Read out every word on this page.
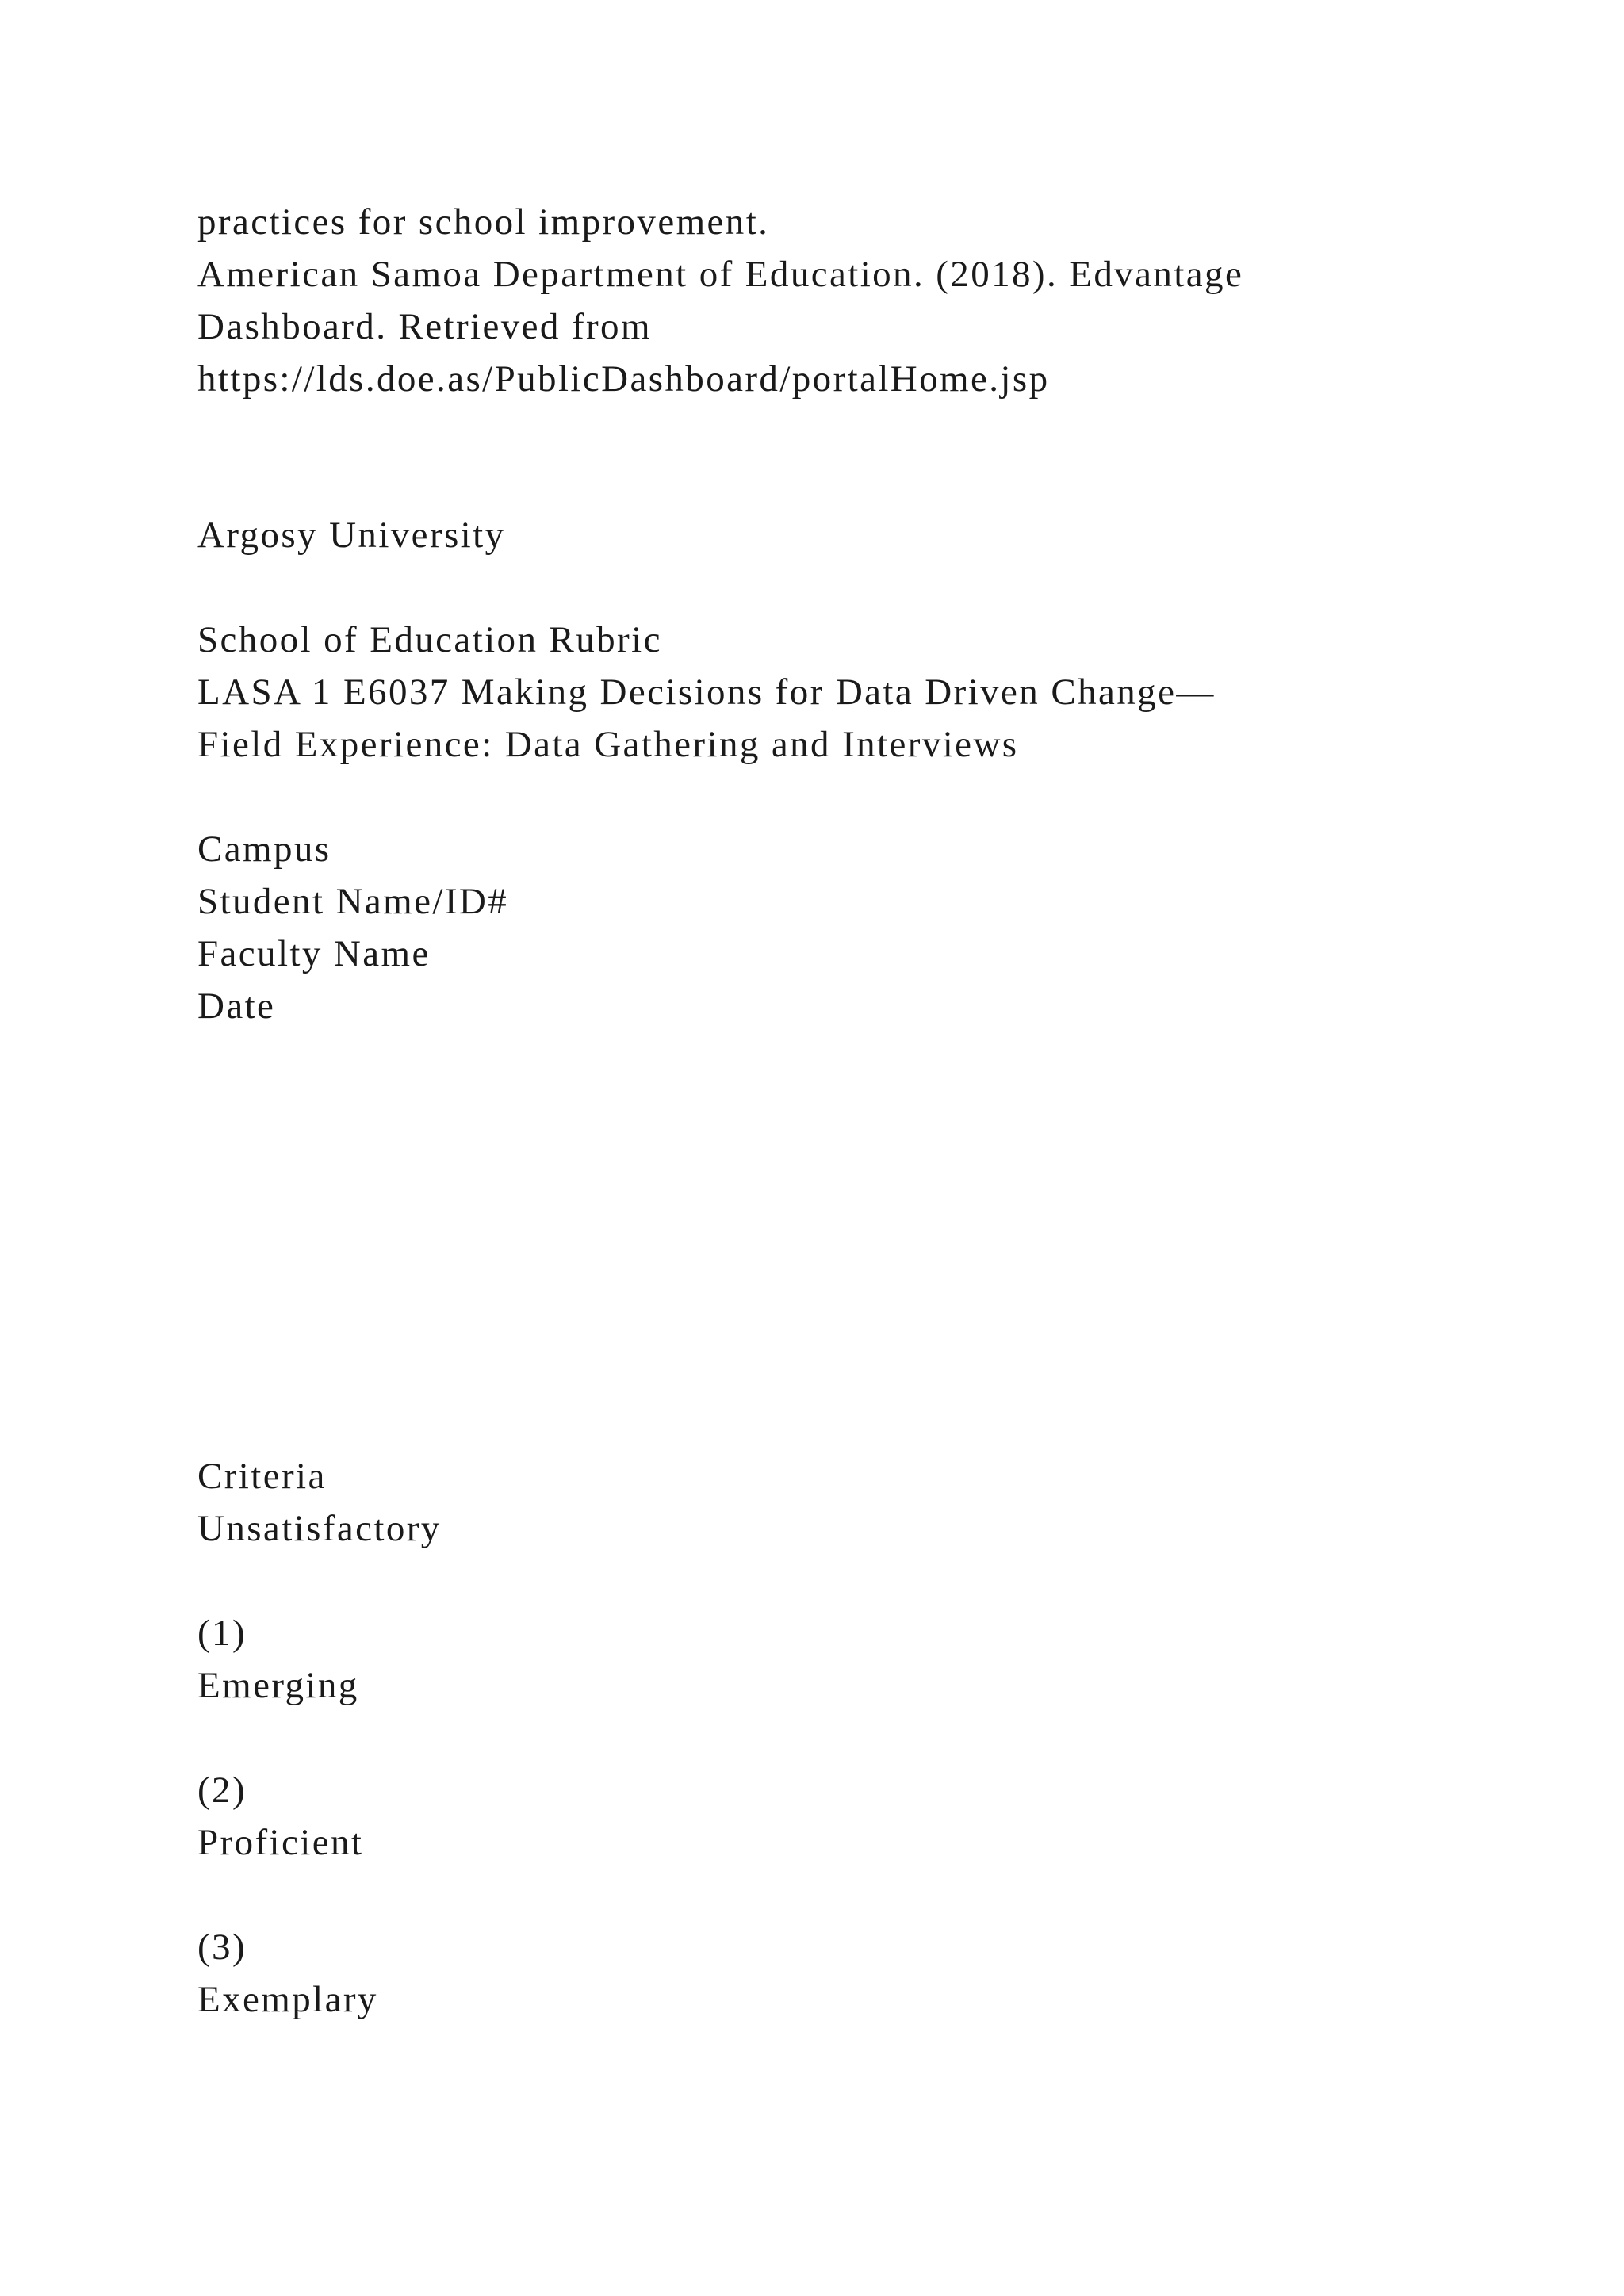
practices for school improvement.
American Samoa Department of Education. (2018). Edvantage
Dashboard. Retrieved from
https://lds.doe.as/PublicDashboard/portalHome.jsp
Argosy University
School of Education Rubric
LASA 1 E6037 Making Decisions for Data Driven Change—
Field Experience: Data Gathering and Interviews
Campus
Student Name/ID#
Faculty Name
Date
Criteria
Unsatisfactory
(1)
Emerging
(2)
Proficient
(3)
Exemplary
